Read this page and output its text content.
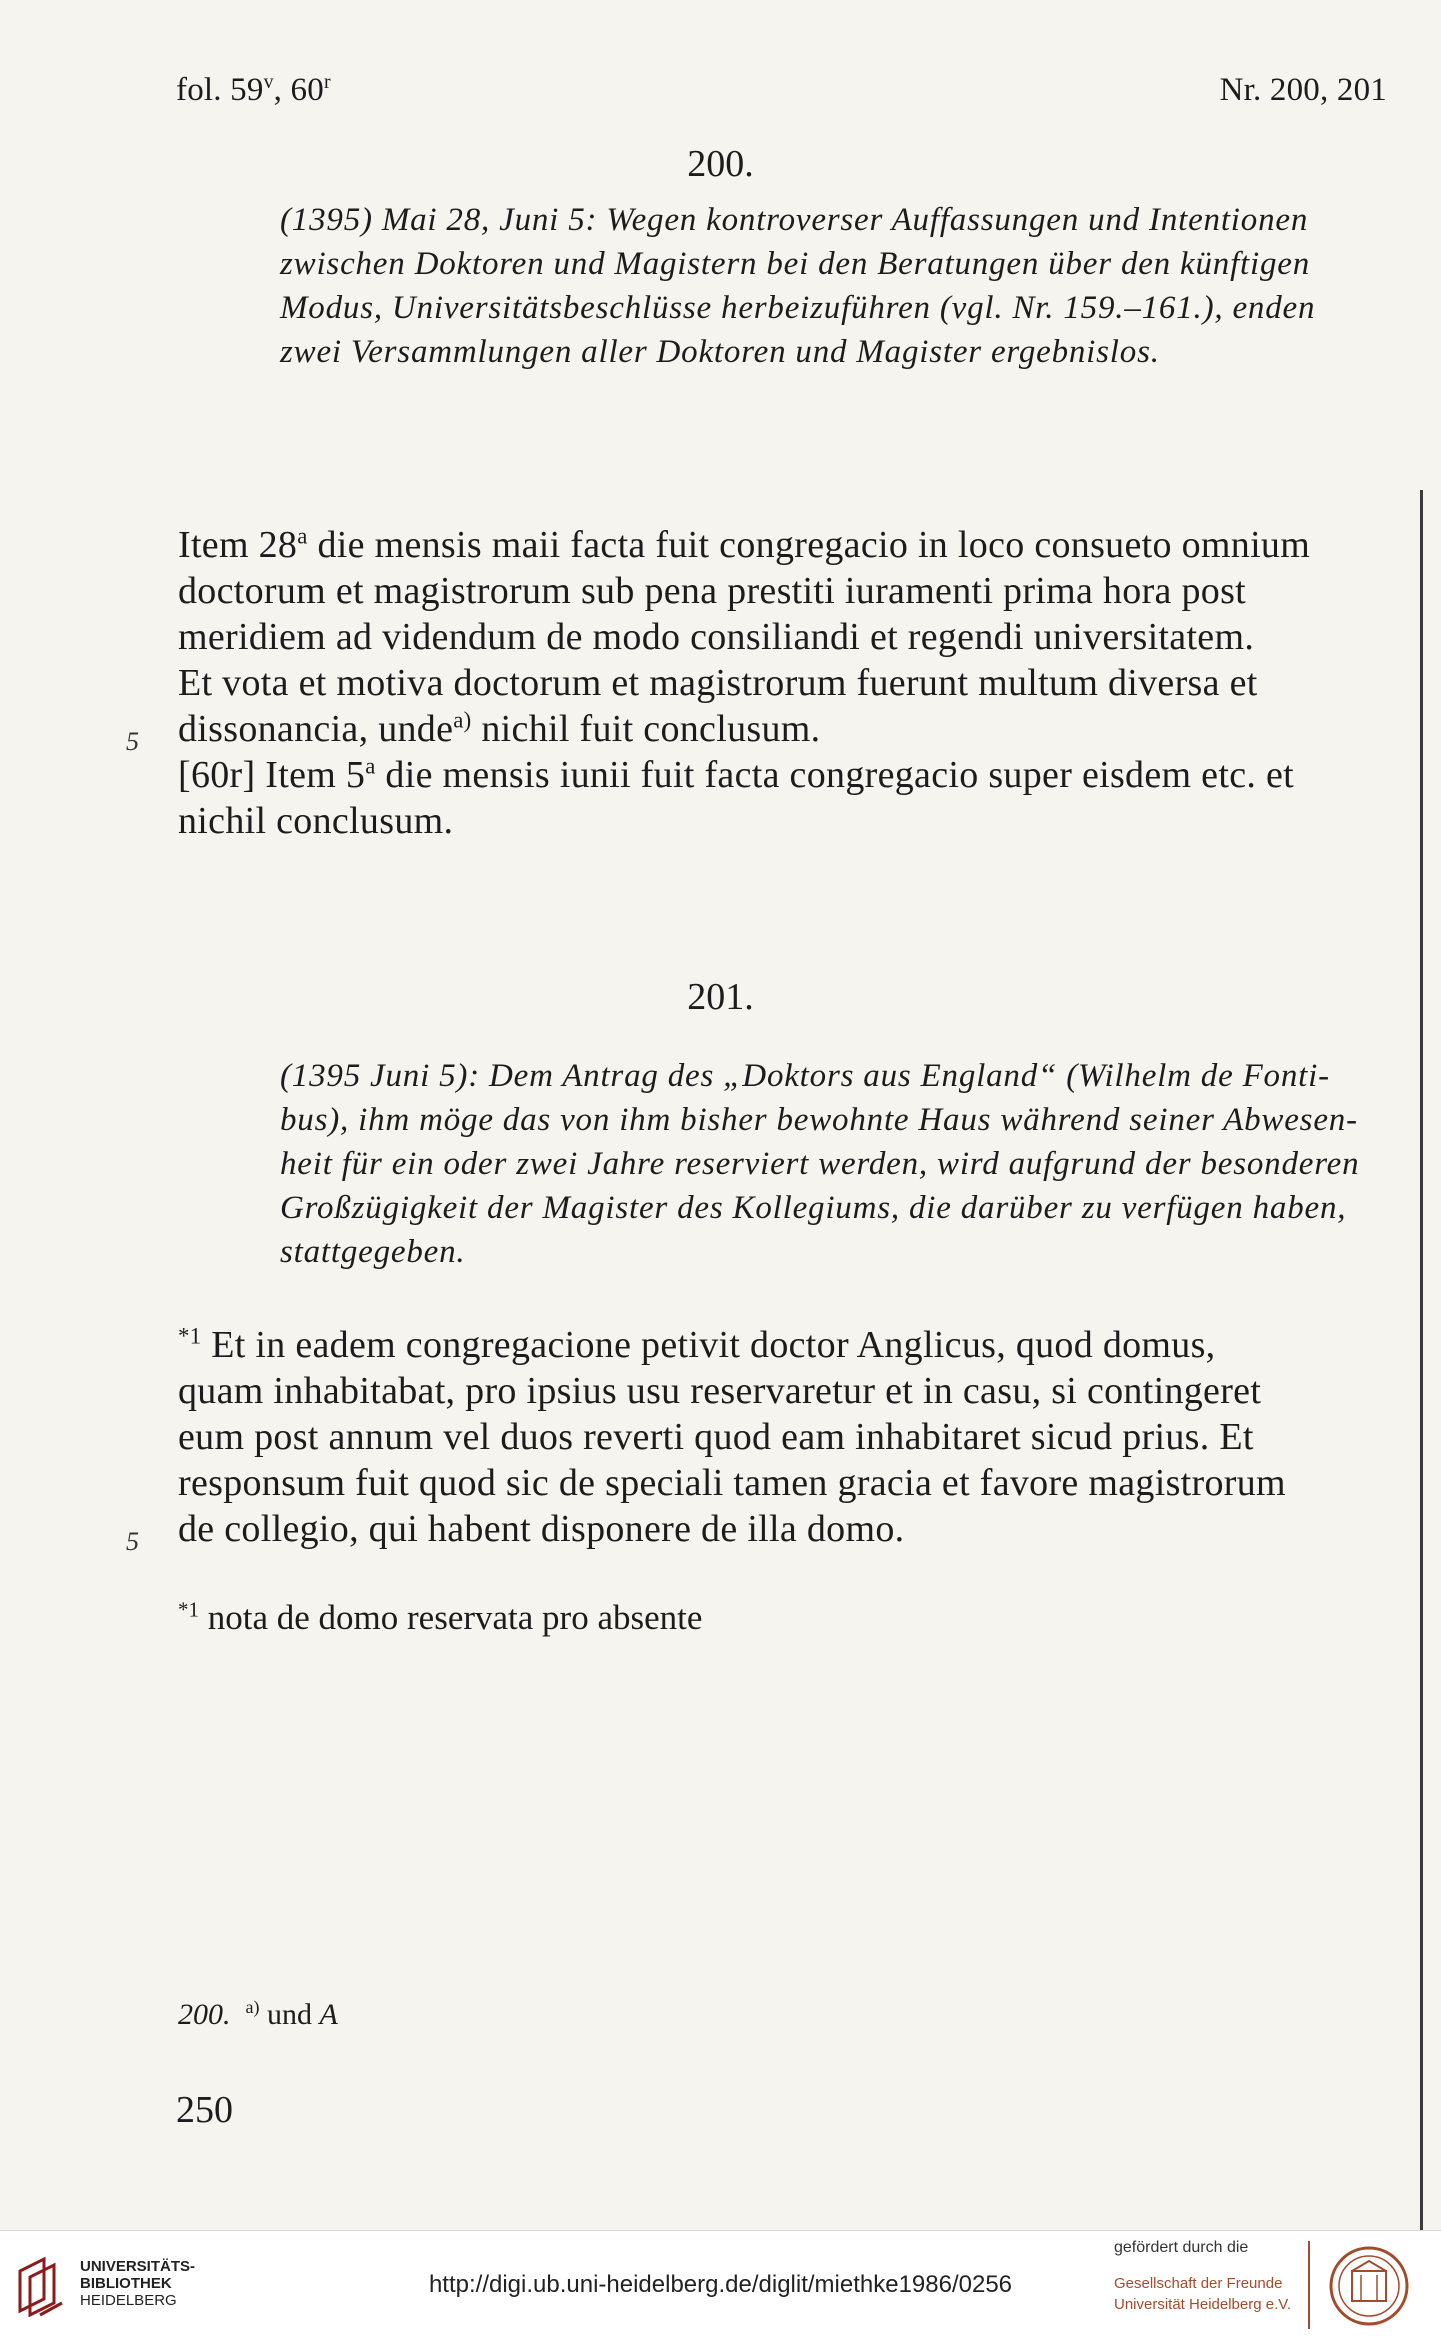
fol. 59$^v$, 60$^r$	Nr. 200, 201
200.
(1395) Mai 28, Juni 5: Wegen kontroverser Auffassungen und Intentionen
zwischen Doktoren und Magistern bei den Beratungen über den künftigen
Modus, Universitätsbeschlüsse herbeizuführen (vgl. Nr. 159.–161.), enden
zwei Versammlungen aller Doktoren und Magister ergebnislos.
Item 28$^a$ die mensis maii facta fuit congregacio in loco consueto omnium
doctorum et magistrorum sub pena prestiti iuramenti prima hora post
meridiem ad videndum de modo consiliandi et regendi universitatem.
Et vota et motiva doctorum et magistrorum fuerunt multum diversa et
dissonancia, unde$^{a)}$ nichil fuit conclusum.
[60r] Item 5$^a$ die mensis iunii fuit facta congregacio super eisdem etc. et
nichil conclusum.
5
201.
(1395 Juni 5): Dem Antrag des „Doktors aus England“ (Wilhelm de Fonti-
bus), ihm möge das von ihm bisher bewohnte Haus während seiner Abwesen-
heit für ein oder zwei Jahre reserviert werden, wird aufgrund der besonderen
Großzügigkeit der Magister des Kollegiums, die darüber zu verfügen haben,
stattgegeben.
$^{*1}$ Et in eadem congregacione petivit doctor Anglicus, quod domus,
quam inhabitabat, pro ipsius usu reservaretur et in casu, si contingeret
eum post annum vel duos reverti quod eam inhabitaret sicud prius. Et
responsum fuit quod sic de speciali tamen gracia et favore magistrorum
de collegio, qui habent disponere de illa domo.
5
$^{*1}$ nota de domo reservata pro absente
200. $^{a)}$ und A
250
UNIVERSITÄTS-
BIBLIOTHEK
HEIDELBERG
http://digi.ub.uni-heidelberg.de/diglit/miethke1986/0256
gefördert durch die
Gesellschaft der Freunde
Universität Heidelberg e.V.
